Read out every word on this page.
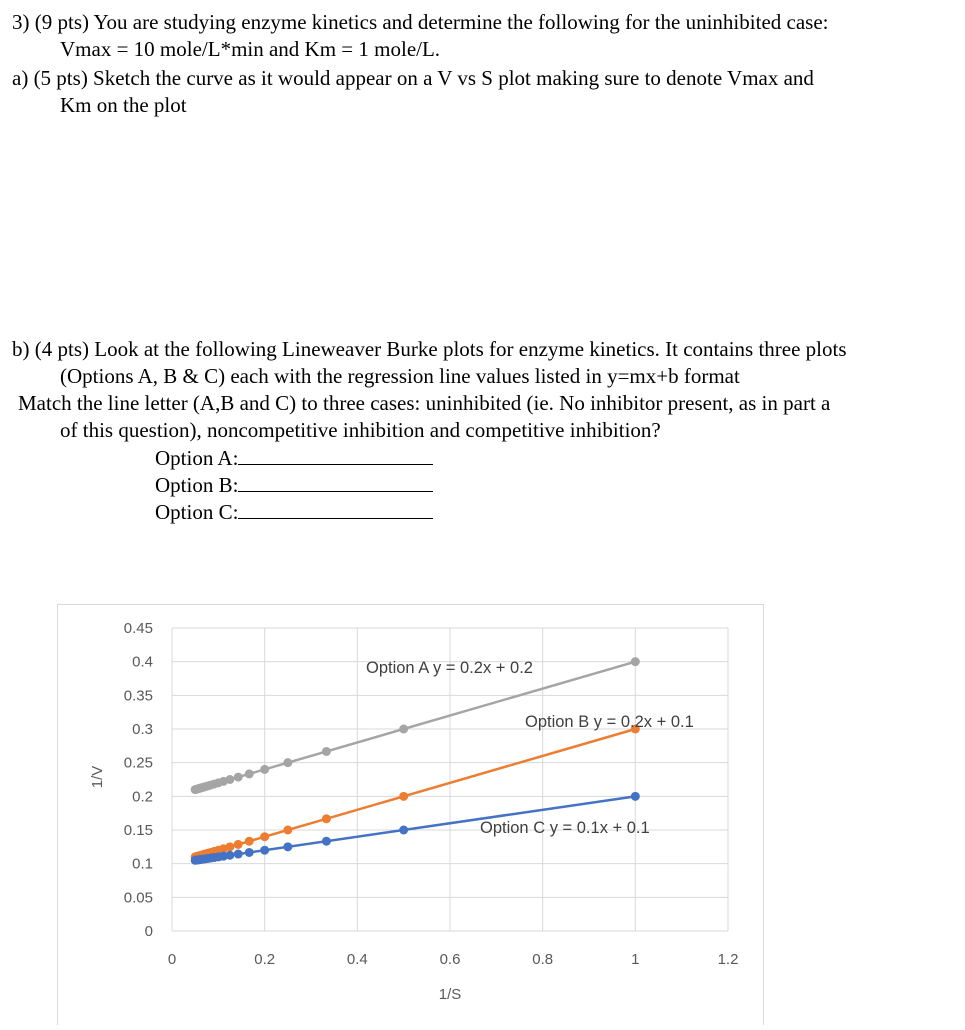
3) (9 pts) You are studying enzyme kinetics and determine the following for the uninhibited case:
Vmax = 10 mole/L*min and Km = 1 mole/L.
a) (5 pts) Sketch the curve as it would appear on a V vs S plot making sure to denote Vmax and
Km on the plot
b) (4 pts) Look at the following Lineweaver Burke plots for enzyme kinetics. It contains three plots
(Options A, B & C) each with the regression line values listed in y=mx+b format
Match the line letter (A,B and C) to three cases: uninhibited (ie. No inhibitor present, as in part a
of this question), noncompetitive inhibition and competitive inhibition?
Option A:
Option B:
Option C:
0
0.05
0.1
0.15
0.2
0.25
0.3
0.35
0.4
0.45
0	0.2	0.4	0.6	0.8	1	1.2
1/S
1/V
Option A y = 0.2x + 0.2
Option B y = 0.2x + 0.1
Option C y = 0.1x + 0.1
